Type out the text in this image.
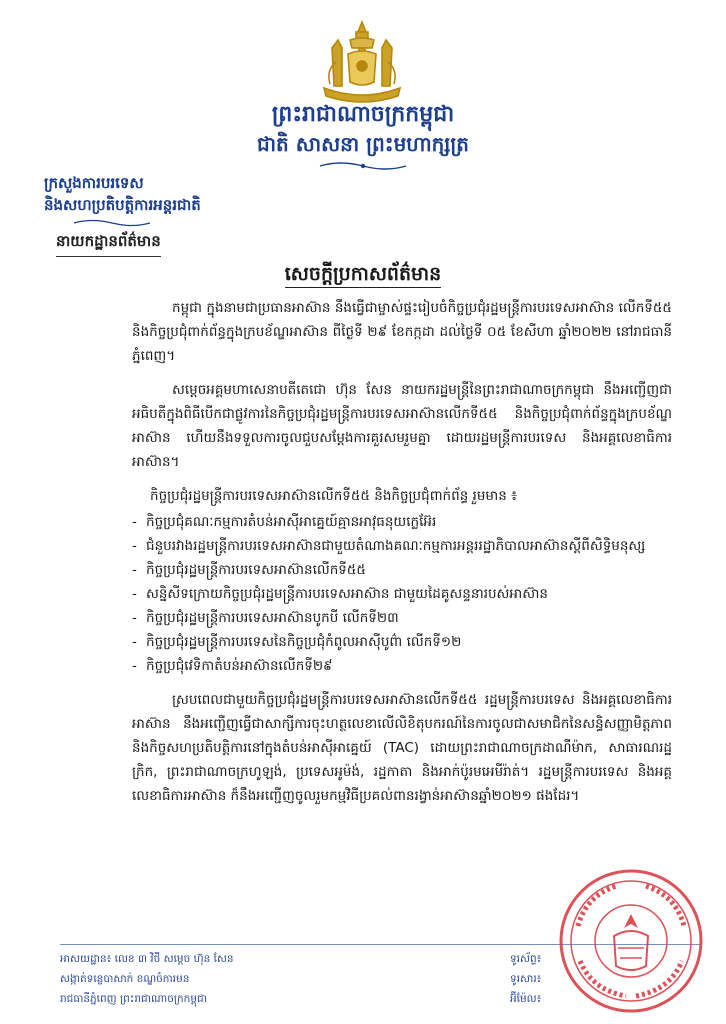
ព្រះរាជាណាចក្រកម្ពុជា
ជាតិ សាសនា ព្រះមហាក្សត្រ
ក្រសួងការបរទេស
និងសហប្រតិបត្តិការអន្តរជាតិ
នាយកដ្ឋានព័ត៌មាន
សេចក្តីប្រកាសព័ត៌មាន

កម្ពុជា ក្នុងនាមជាប្រធានអាស៊ាន នឹងធ្វើជាម្ចាស់ផ្ទះរៀបចំកិច្ចប្រជុំរដ្ឋមន្ត្រីការបរទេសអាស៊ាន លើកទី៥៥ និងកិច្ចប្រជុំពាក់ព័ន្ធក្នុងក្របខ័ណ្ឌអាស៊ាន ពីថ្ងៃទី ២៩ ខែកក្កដា ដល់ថ្ងៃទី ០៥ ខែសីហា ឆ្នាំ២០២២ នៅរាជធានីភ្នំពេញ។

សម្តេចអគ្គមហាសេនាបតីតេជោ ហ៊ុន សែន នាយករដ្ឋមន្ត្រីនៃព្រះរាជាណាចក្រកម្ពុជា នឹងអញ្ជើញជាអធិបតីក្នុងពិធីបើកជាផ្លូវការនៃកិច្ចប្រជុំរដ្ឋមន្ត្រីការបរទេសអាស៊ានលើកទី៥៥ និងកិច្ចប្រជុំពាក់ព័ន្ធក្នុងក្របខ័ណ្ឌអាស៊ាន ហើយនឹងទទួលការចូលជួបសម្តែងការគួរសមរួមគ្នា ដោយរដ្ឋមន្ត្រីការបរទេស និងអគ្គលេខាធិការអាស៊ាន។

កិច្ចប្រជុំរដ្ឋមន្ត្រីការបរទេសអាស៊ានលើកទី៥៥ និងកិច្ចប្រជុំពាក់ព័ន្ធ រួមមាន ៖

- កិច្ចប្រជុំគណៈកម្មការតំបន់អាស៊ីអាគ្នេយ៍គ្មានអាវុធនុយក្លេអ៊ែរ
- ជំនួបរវាងរដ្ឋមន្ត្រីការបរទេសអាស៊ានជាមួយតំណាងគណៈកម្មការអន្តររដ្ឋាភិបាលអាស៊ានស្តីពីសិទ្ធិមនុស្ស
- កិច្ចប្រជុំរដ្ឋមន្ត្រីការបរទេសអាស៊ានលើកទី៥៥
- សន្និសីទក្រោយកិច្ចប្រជុំរដ្ឋមន្ត្រីការបរទេសអាស៊ាន ជាមួយដៃគូសន្ទនារបស់អាស៊ាន
- កិច្ចប្រជុំរដ្ឋមន្ត្រីការបរទេសអាស៊ានបូកបី លើកទី២៣
- កិច្ចប្រជុំរដ្ឋមន្ត្រីការបរទេសនៃកិច្ចប្រជុំកំពូលអាស៊ីបូព៌ា លើកទី១២
- កិច្ចប្រជុំវេទិកាតំបន់អាស៊ានលើកទី២៩

ស្របពេលជាមួយកិច្ចប្រជុំរដ្ឋមន្ត្រីការបរទេសអាស៊ានលើកទី៥៥ រដ្ឋមន្ត្រីការបរទេស និងអគ្គលេខាធិការអាស៊ាន នឹងអញ្ជើញធ្វើជាសាក្សីការចុះហត្ថលេខាលើលិខិតុបករណ៍នៃការចូលជាសមាជិកនៃសន្ធិសញ្ញាមិត្តភាព និងកិច្ចសហប្រតិបត្តិការនៅក្នុងតំបន់អាស៊ីអាគ្នេយ៍ (TAC) ដោយព្រះរាជាណាចក្រដាណឺម៉ាក, សាធារណរដ្ឋក្រិក, ព្រះរាជាណាចក្រហូឡង់, ប្រទេសអូម៉ង់, រដ្ឋកាតា និងអាក់ប៉ូរមអេមីរ៉ាត់។ រដ្ឋមន្ត្រីការបរទេស និងអគ្គលេខាធិការអាស៊ាន ក៏នឹងអញ្ជើញចូលរួមកម្មវិធីប្រគល់ពានរង្វាន់អាស៊ានឆ្នាំ២០២១ ផងដែរ។

អាសយដ្ឋាន៖ លេខ ៣ វិថី សម្តេច ហ៊ុន សែន
សង្កាត់ទន្លេបាសាក់ ខណ្ឌចំការមន
រាជធានីភ្នំពេញ ព្រះរាជាណាចក្រកម្ពុជា
ទូរស័ព្ទ៖
ទូរសារ៖
អ៊ីម៉ែល៖
